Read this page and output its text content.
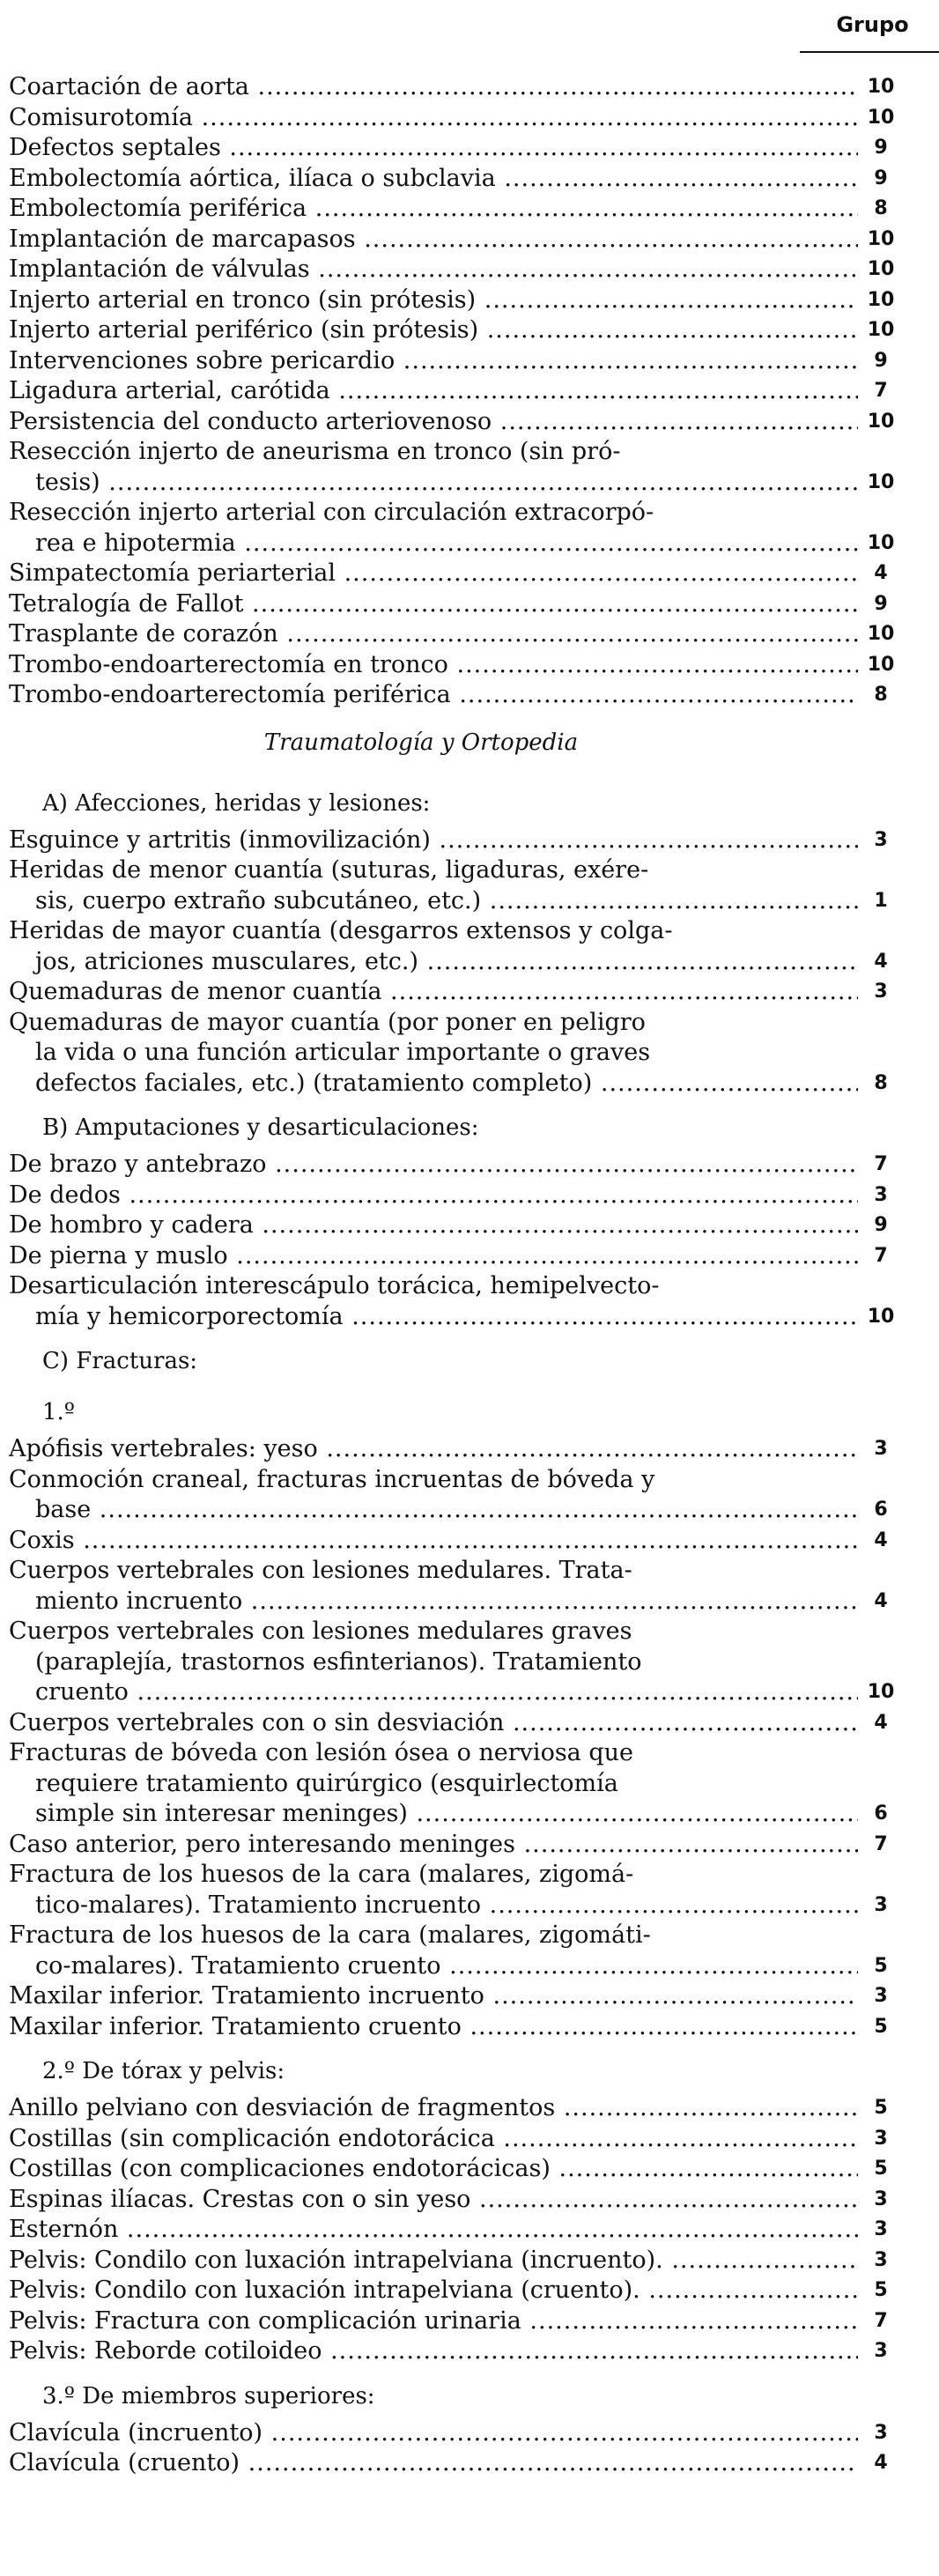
Grupo
Coartación de aorta .....	10
Comisurotomía .....	10
Defectos septales .....	9
Embolectomía aórtica, ilíaca o subclavia .....	9
Embolectomía periférica .....	8
Implantación de marcapasos .....	10
Implantación de válvulas .....	10
Injerto arterial en tronco (sin prótesis) .....	10
Injerto arterial periférico (sin prótesis) .....	10
Intervenciones sobre pericardio .....	9
Ligadura arterial, carótida .....	7
Persistencia del conducto arteriovenoso .....	10
Resección injerto de aneurisma en tronco (sin pró-
tesis) .....	10
Resección injerto arterial con circulación extracorpó-
rea e hipotermia .....	10
Simpatectomía periarterial .....	4
Tetralogía de Fallot .....	9
Trasplante de corazón .....	10
Trombo-endoarterectomía en tronco .....	10
Trombo-endoarterectomía periférica .....	8
Traumatología y Ortopedia
A) Afecciones, heridas y lesiones:
Esguince y artritis (inmovilización) .....	3
Heridas de menor cuantía (suturas, ligaduras, exére-
sis, cuerpo extraño subcutáneo, etc.) .....	1
Heridas de mayor cuantía (desgarros extensos y colga-
jos, atriciones musculares, etc.) .....	4
Quemaduras de menor cuantía .....	3
Quemaduras de mayor cuantía (por poner en peligro
la vida o una función articular importante o graves
defectos faciales, etc.) (tratamiento completo) .....	8
B) Amputaciones y desarticulaciones:
De brazo y antebrazo .....	7
De dedos .....	3
De hombro y cadera .....	9
De pierna y muslo .....	7
Desarticulación interescápulo torácica, hemipelvecto-
mía y hemicorporectomía .....	10
C) Fracturas:
1.º
Apófisis vertebrales: yeso .....	3
Conmoción craneal, fracturas incruentas de bóveda y
base .....	6
Coxis .....	4
Cuerpos vertebrales con lesiones medulares. Trata-
miento incruento .....	4
Cuerpos vertebrales con lesiones medulares graves
(paraplejía, trastornos esfinterianos). Tratamiento
cruento .....	10
Cuerpos vertebrales con o sin desviación .....	4
Fracturas de bóveda con lesión ósea o nerviosa que
requiere tratamiento quirúrgico (esquirlectomía
simple sin interesar meninges) .....	6
Caso anterior, pero interesando meninges .....	7
Fractura de los huesos de la cara (malares, zigomá-
tico-malares). Tratamiento incruento .....	3
Fractura de los huesos de la cara (malares, zigomáti-
co-malares). Tratamiento cruento .....	5
Maxilar inferior. Tratamiento incruento .....	3
Maxilar inferior. Tratamiento cruento .....	5
2.º De tórax y pelvis:
Anillo pelviano con desviación de fragmentos .....	5
Costillas (sin complicación endotorácica .....	3
Costillas (con complicaciones endotorácicas) .....	5
Espinas ilíacas. Crestas con o sin yeso .....	3
Esternón .....	3
Pelvis: Condilo con luxación intrapelviana (incruento). .....	3
Pelvis: Condilo con luxación intrapelviana (cruento). .....	5
Pelvis: Fractura con complicación urinaria .....	7
Pelvis: Reborde cotiloideo .....	3
3.º De miembros superiores:
Clavícula (incruento) .....	3
Clavícula (cruento) .....	4
